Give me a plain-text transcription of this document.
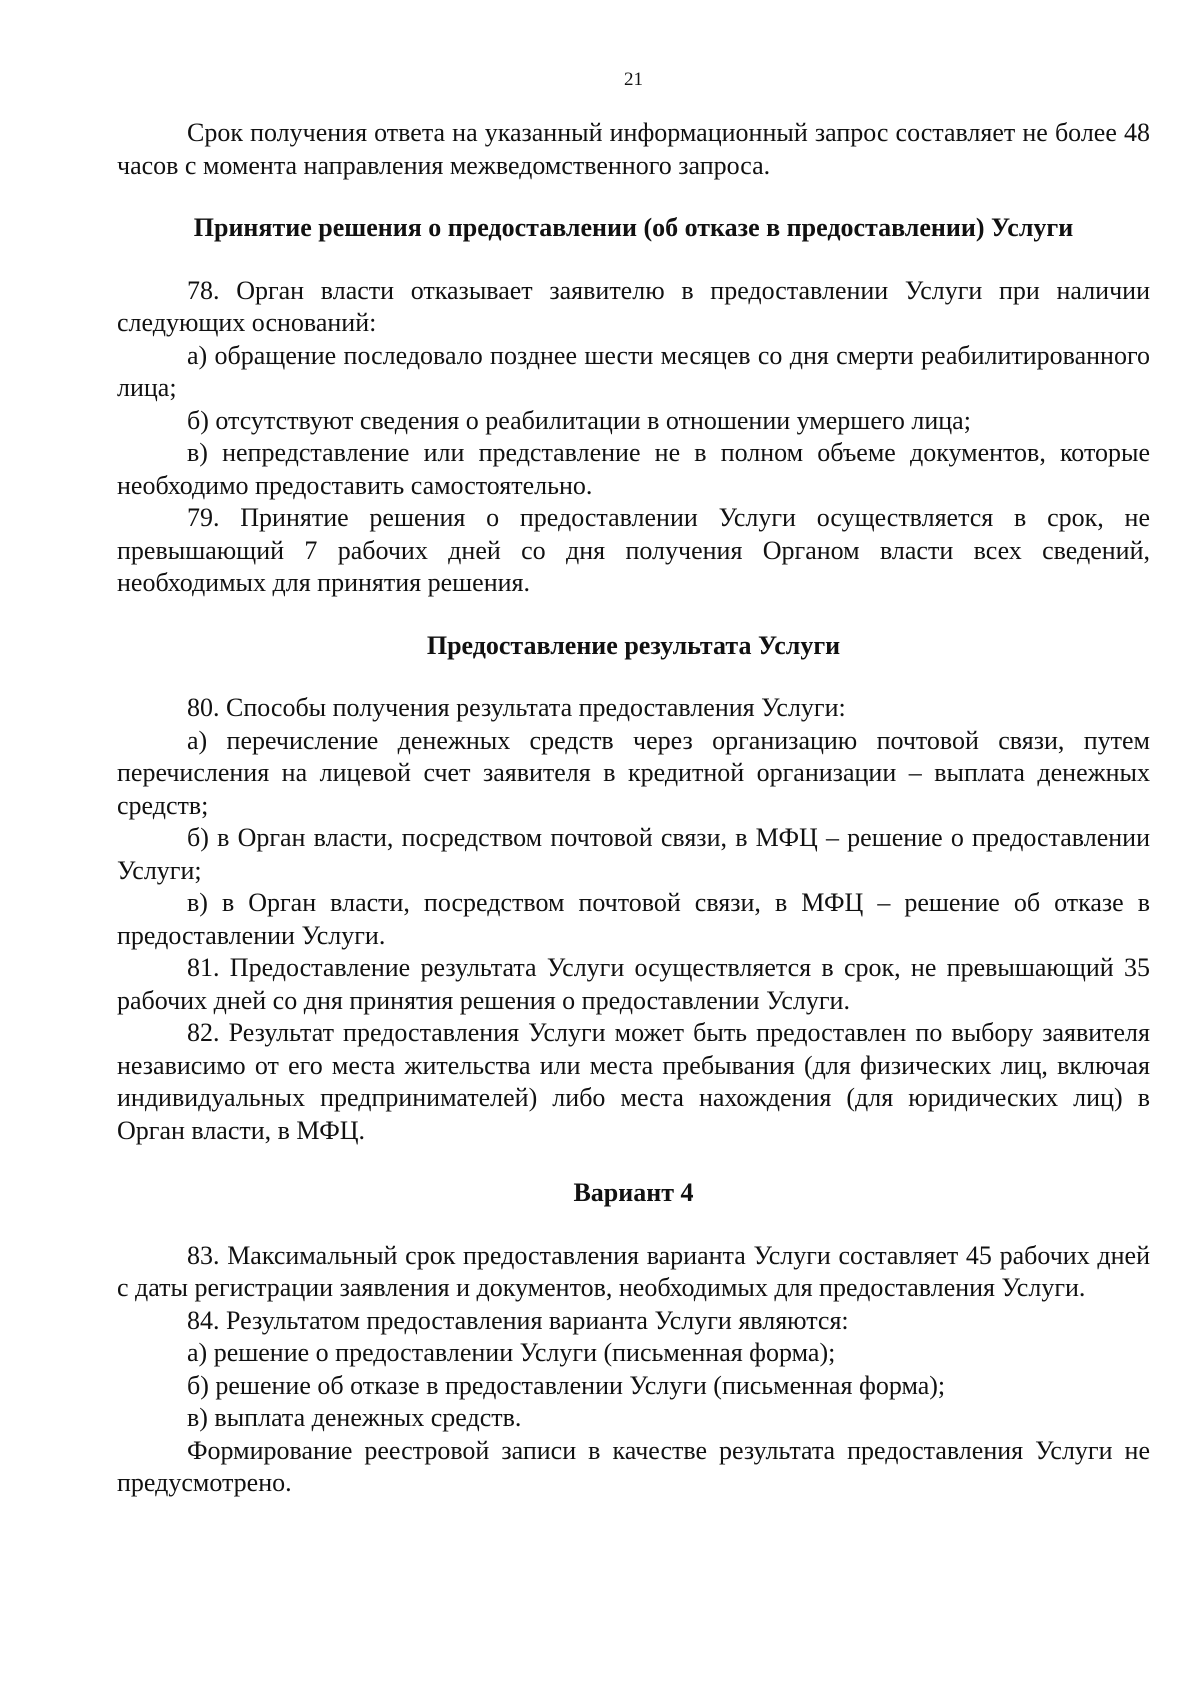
21

Срок получения ответа на указанный информационный запрос составляет не более 48 часов с момента направления межведомственного запроса.

Принятие решения о предоставлении (об отказе в предоставлении) Услуги

78. Орган власти отказывает заявителю в предоставлении Услуги при наличии следующих оснований:

а) обращение последовало позднее шести месяцев со дня смерти реабилитированного лица;

б) отсутствуют сведения о реабилитации в отношении умершего лица;

в) непредставление или представление не в полном объеме документов, которые необходимо предоставить самостоятельно.

79. Принятие решения о предоставлении Услуги осуществляется в срок, не превышающий 7 рабочих дней со дня получения Органом власти всех сведений, необходимых для принятия решения.

Предоставление результата Услуги

80. Способы получения результата предоставления Услуги:

а) перечисление денежных средств через организацию почтовой связи, путем перечисления на лицевой счет заявителя в кредитной организации – выплата денежных средств;

б) в Орган власти, посредством почтовой связи, в МФЦ – решение о предоставлении Услуги;

в) в Орган власти, посредством почтовой связи, в МФЦ – решение об отказе в предоставлении Услуги.

81. Предоставление результата Услуги осуществляется в срок, не превышающий 35 рабочих дней со дня принятия решения о предоставлении Услуги.

82. Результат предоставления Услуги может быть предоставлен по выбору заявителя независимо от его места жительства или места пребывания (для физических лиц, включая индивидуальных предпринимателей) либо места нахождения (для юридических лиц) в Орган власти, в МФЦ.

Вариант 4

83. Максимальный срок предоставления варианта Услуги составляет 45 рабочих дней с даты регистрации заявления и документов, необходимых для предоставления Услуги.

84. Результатом предоставления варианта Услуги являются:

а) решение о предоставлении Услуги (письменная форма);

б) решение об отказе в предоставлении Услуги (письменная форма);

в) выплата денежных средств.

Формирование реестровой записи в качестве результата предоставления Услуги не предусмотрено.
